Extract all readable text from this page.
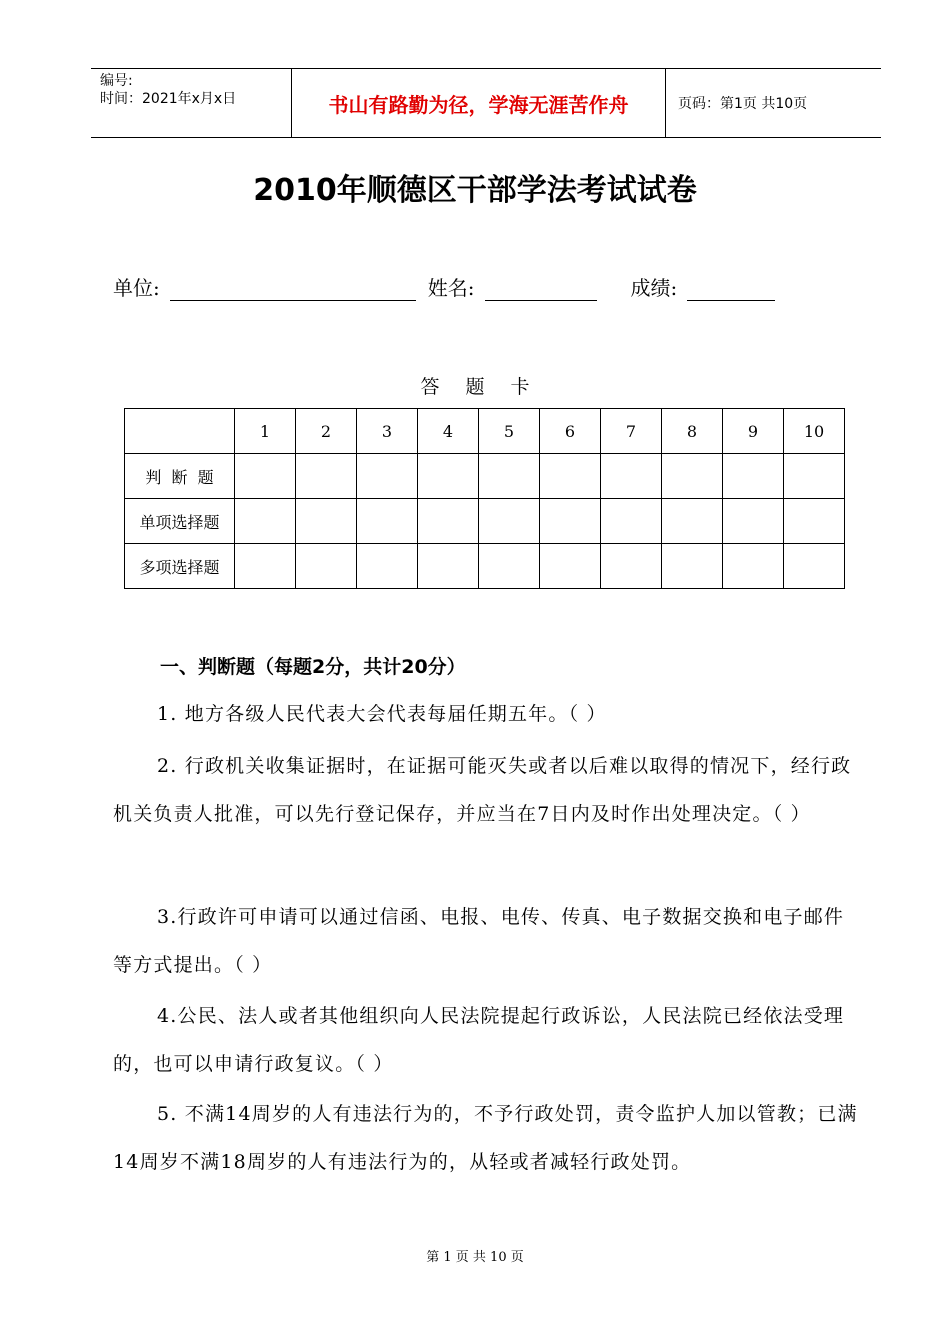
编号:
时间：2021年x月x日	书山有路勤为径，学海无涯苦作舟	页码：第1页 共10页
2010年顺德区干部学法考试试卷
单位:	姓名:	成绩:
答 题 卡
	1	2	3	4	5	6	7	8	9	10
判  断  题										
单项选择题										
多项选择题										
一、判断题（每题2分，共计20分）
1. 地方各级人民代表大会代表每届任期五年。（ ）
2. 行政机关收集证据时，在证据可能灭失或者以后难以取得的情况下，经行政机关负责人批准，可以先行登记保存，并应当在7日内及时作出处理决定。（ ）
3.行政许可申请可以通过信函、电报、电传、传真、电子数据交换和电子邮件等方式提出。（ ）
4.公民、法人或者其他组织向人民法院提起行政诉讼，人民法院已经依法受理的，也可以申请行政复议。（ ）
5. 不满14周岁的人有违法行为的，不予行政处罚，责令监护人加以管教；已满14周岁不满18周岁的人有违法行为的，从轻或者减轻行政处罚。
第 1 页 共 10 页
